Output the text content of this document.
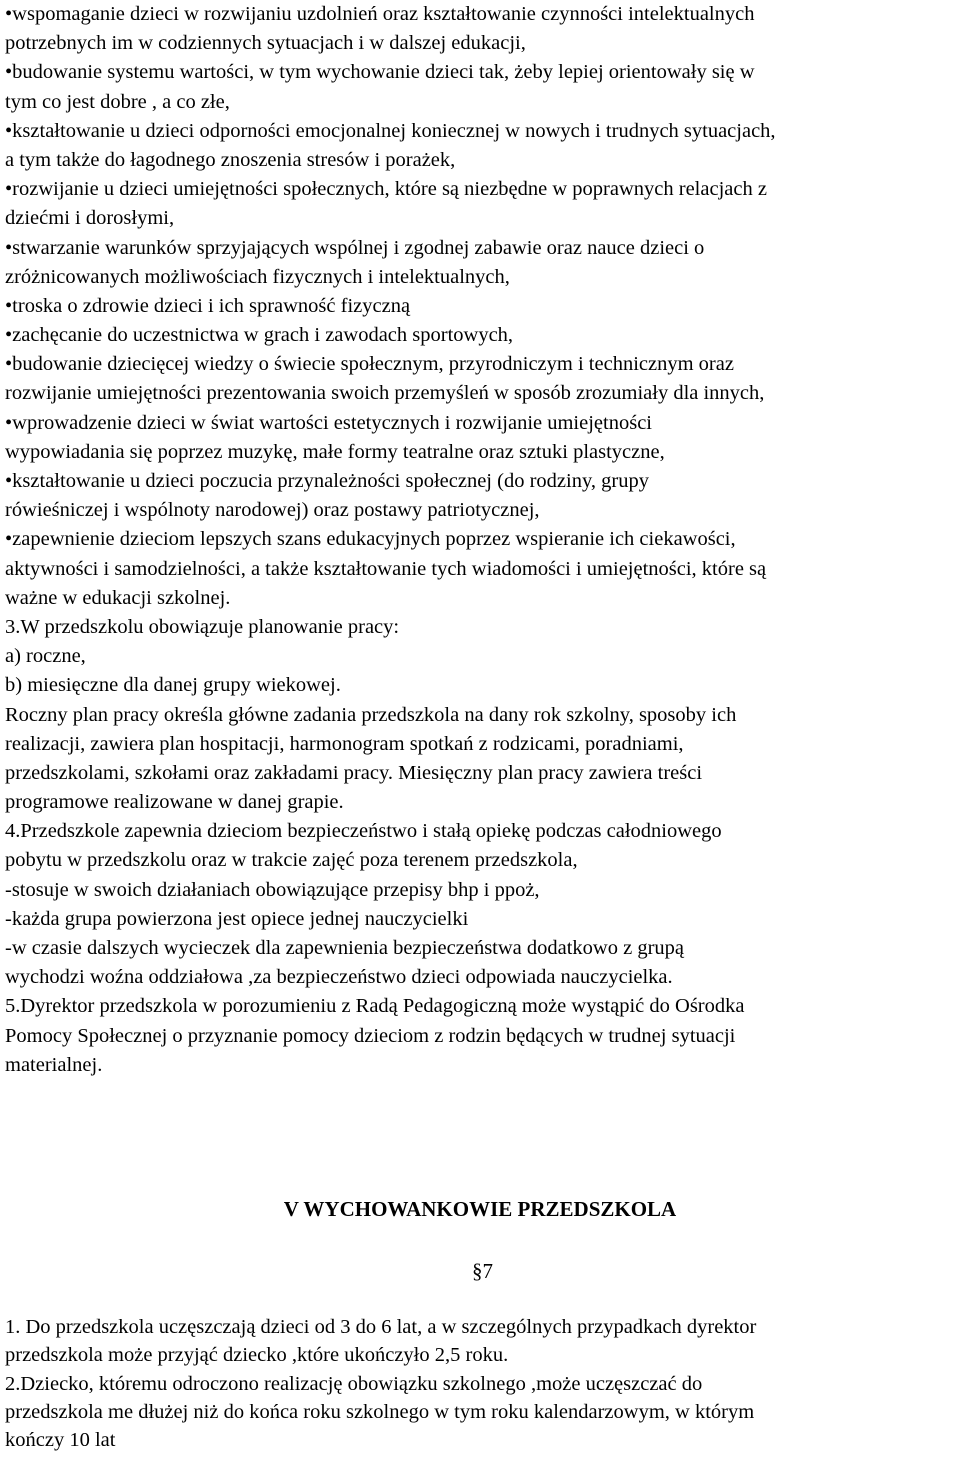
•wspomaganie dzieci w rozwijaniu uzdolnień oraz kształtowanie czynności intelektualnych
potrzebnych im w codziennych sytuacjach i w dalszej edukacji,
•budowanie systemu wartości, w tym wychowanie dzieci tak, żeby lepiej orientowały się w
tym co jest dobre , a co złe,
•kształtowanie u dzieci odporności emocjonalnej koniecznej w nowych i trudnych sytuacjach,
a tym także do łagodnego znoszenia stresów i porażek,
•rozwijanie u dzieci umiejętności społecznych, które są niezbędne w poprawnych relacjach z
dziećmi i dorosłymi,
•stwarzanie warunków sprzyjających wspólnej i zgodnej zabawie oraz nauce dzieci o
zróżnicowanych możliwościach fizycznych i intelektualnych,
•troska o zdrowie dzieci i ich sprawność fizyczną
•zachęcanie do uczestnictwa w grach i zawodach sportowych,
•budowanie dziecięcej wiedzy o świecie społecznym, przyrodniczym i technicznym oraz
rozwijanie umiejętności prezentowania swoich przemyśleń w sposób zrozumiały dla innych,
•wprowadzenie dzieci w świat wartości estetycznych i rozwijanie umiejętności
wypowiadania się poprzez muzykę, małe formy teatralne oraz sztuki plastyczne,
•kształtowanie u dzieci poczucia przynależności społecznej (do rodziny, grupy
rówieśniczej i wspólnoty narodowej) oraz postawy patriotycznej,
•zapewnienie dzieciom lepszych szans edukacyjnych poprzez wspieranie ich ciekawości,
aktywności i samodzielności, a także kształtowanie tych wiadomości i umiejętności, które są
ważne w edukacji szkolnej.
3.W przedszkolu obowiązuje planowanie pracy:
a) roczne,
b) miesięczne dla danej grupy wiekowej.
Roczny plan pracy określa główne zadania przedszkola na dany rok szkolny, sposoby ich
realizacji, zawiera plan hospitacji, harmonogram spotkań z rodzicami, poradniami,
przedszkolami, szkołami oraz zakładami pracy. Miesięczny plan pracy zawiera treści
programowe realizowane w danej grapie.
4.Przedszkole zapewnia dzieciom bezpieczeństwo i stałą opiekę podczas całodniowego
pobytu w przedszkolu oraz w trakcie zajęć poza terenem przedszkola,
-stosuje w swoich działaniach obowiązujące przepisy bhp i ppoż,
-każda grupa powierzona jest opiece jednej nauczycielki
-w czasie dalszych wycieczek dla zapewnienia bezpieczeństwa dodatkowo z grupą
wychodzi woźna oddziałowa ,za bezpieczeństwo dzieci odpowiada nauczycielka.
5.Dyrektor przedszkola w porozumieniu z Radą Pedagogiczną może wystąpić do Ośrodka
Pomocy Społecznej o przyznanie pomocy dzieciom z rodzin będących w trudnej sytuacji
materialnej.
V WYCHOWANKOWIE PRZEDSZKOLA
§7
1. Do przedszkola uczęszczają dzieci od 3 do 6 lat, a w szczególnych przypadkach dyrektor
przedszkola może przyjąć dziecko ,które ukończyło 2,5 roku.
2.Dziecko, któremu odroczono realizację obowiązku szkolnego ,może uczęszczać do
przedszkola me dłużej niż do końca roku szkolnego w tym roku kalendarzowym, w którym
kończy 10 lat
